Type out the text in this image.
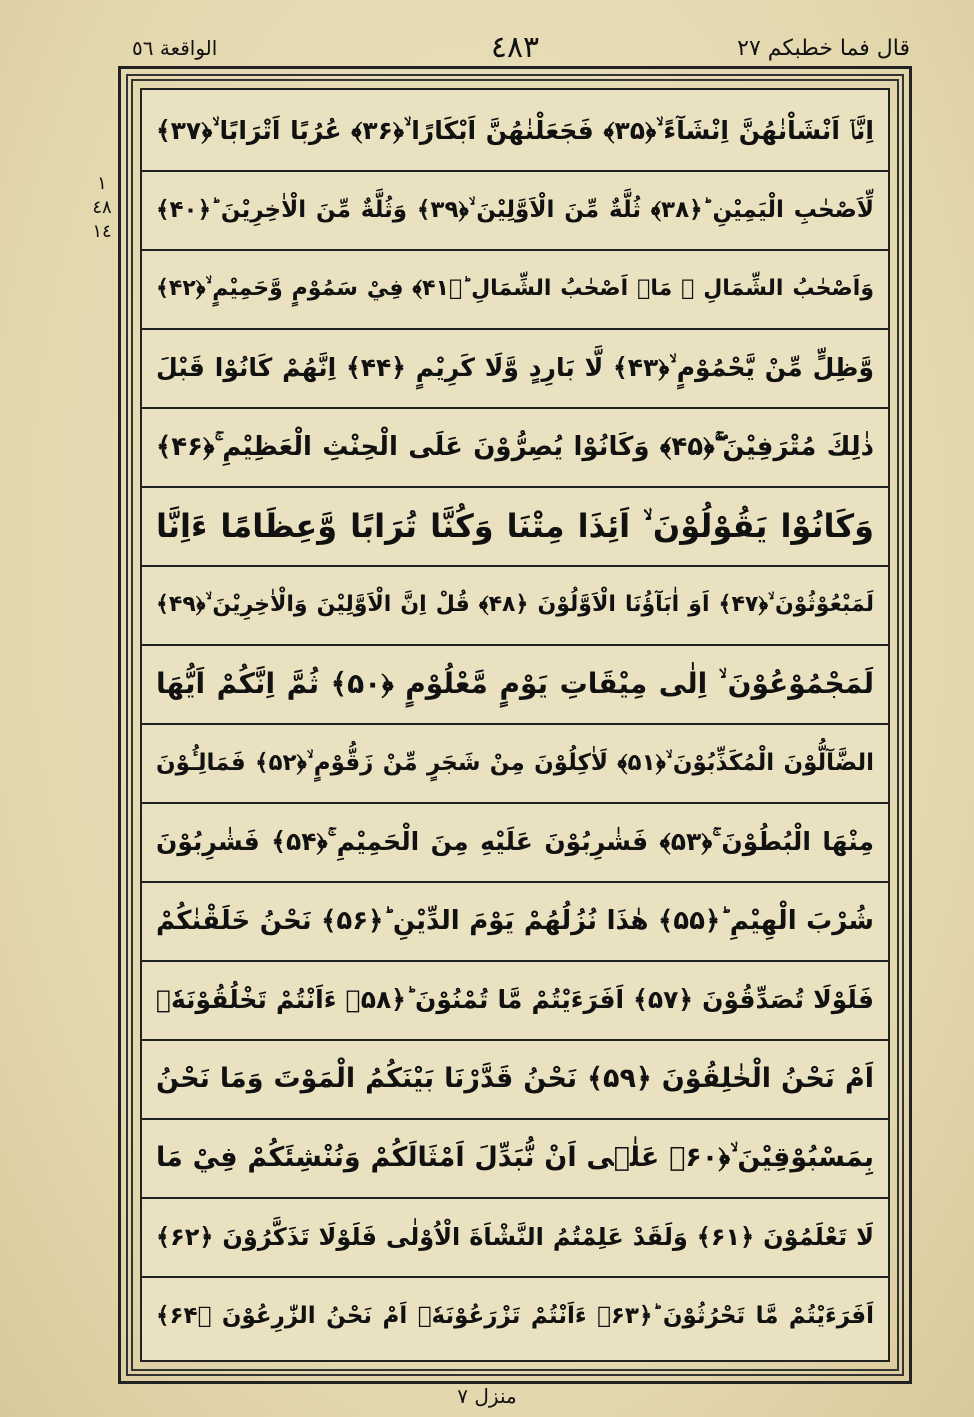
قال فما خطبكم ٢٧
٤٨٣
الواقعة ٥٦
١
٤٨
١٤
اِنَّاۤ اَنْشَاْنٰهُنَّ اِنْشَآءً ۙ﴿۳۵﴾ فَجَعَلْنٰهُنَّ اَبْكَارًا ۙ﴿۳۶﴾ عُرُبًا اَتْرَابًا ۙ﴿۳۷﴾
لِّاَصْحٰبِ الْيَمِيْنِ ؕ﴿۳۸﴾ ثُلَّةٌ مِّنَ الْاَوَّلِيْنَ ۙ﴿۳۹﴾ وَثُلَّةٌ مِّنَ الْاٰخِرِيْنَ ؕ﴿۴۰﴾
وَاَصْحٰبُ الشِّمَالِ ۙ مَاۤ اَصْحٰبُ الشِّمَالِ ؕ﴿۴۱﴾ فِيْ سَمُوْمٍ وَّحَمِيْمٍ ۙ﴿۴۲﴾
وَّظِلٍّ مِّنْ يَّحْمُوْمٍ ۙ﴿۴۳﴾ لَّا بَارِدٍ وَّلَا كَرِيْمٍ ﴿۴۴﴾ اِنَّهُمْ كَانُوْا قَبْلَ
ذٰلِكَ مُتْرَفِيْنَ ۚۖ﴿۴۵﴾ وَكَانُوْا يُصِرُّوْنَ عَلَى الْحِنْثِ الْعَظِيْمِ ۚ﴿۴۶﴾
وَكَانُوْا يَقُوْلُوْنَ ۙ اَئِذَا مِتْنَا وَكُنَّا تُرَابًا وَّعِظَامًا ءَاِنَّا
لَمَبْعُوْثُوْنَ ۙ﴿۴۷﴾ اَوَ اٰبَآؤُنَا الْاَوَّلُوْنَ ﴿۴۸﴾ قُلْ اِنَّ الْاَوَّلِيْنَ وَالْاٰخِرِيْنَ ۙ﴿۴۹﴾
لَمَجْمُوْعُوْنَ ۙ اِلٰى مِيْقَاتِ يَوْمٍ مَّعْلُوْمٍ ﴿۵۰﴾ ثُمَّ اِنَّكُمْ اَيُّهَا
الضَّآلُّوْنَ الْمُكَذِّبُوْنَ ۙ﴿۵۱﴾ لَاٰكِلُوْنَ مِنْ شَجَرٍ مِّنْ زَقُّوْمٍ ۙ﴿۵۲﴾ فَمَالِـُٔوْنَ
مِنْهَا الْبُطُوْنَ ۚ﴿۵۳﴾ فَشٰرِبُوْنَ عَلَيْهِ مِنَ الْحَمِيْمِ ۚ﴿۵۴﴾ فَشٰرِبُوْنَ
شُرْبَ الْهِيْمِ ؕ﴿۵۵﴾ هٰذَا نُزُلُهُمْ يَوْمَ الدِّيْنِ ؕ﴿۵۶﴾ نَحْنُ خَلَقْنٰكُمْ
فَلَوْلَا تُصَدِّقُوْنَ ﴿۵۷﴾ اَفَرَءَيْتُمْ مَّا تُمْنُوْنَ ؕ﴿۵۸﴾ ءَاَنْتُمْ تَخْلُقُوْنَهٗۤ
اَمْ نَحْنُ الْخٰلِقُوْنَ ﴿۵۹﴾ نَحْنُ قَدَّرْنَا بَيْنَكُمُ الْمَوْتَ وَمَا نَحْنُ
بِمَسْبُوْقِيْنَ ۙ﴿۶۰﴾ عَلٰۤى اَنْ نُّبَدِّلَ اَمْثَالَكُمْ وَنُنْشِئَكُمْ فِيْ مَا
لَا تَعْلَمُوْنَ ﴿۶۱﴾ وَلَقَدْ عَلِمْتُمُ النَّشْاَةَ الْاُوْلٰى فَلَوْلَا تَذَكَّرُوْنَ ﴿۶۲﴾
اَفَرَءَيْتُمْ مَّا تَحْرُثُوْنَ ؕ﴿۶۳﴾ ءَاَنْتُمْ تَزْرَعُوْنَهٗۤ اَمْ نَحْنُ الزّٰرِعُوْنَ ﴿۶۴﴾
منزل ٧
